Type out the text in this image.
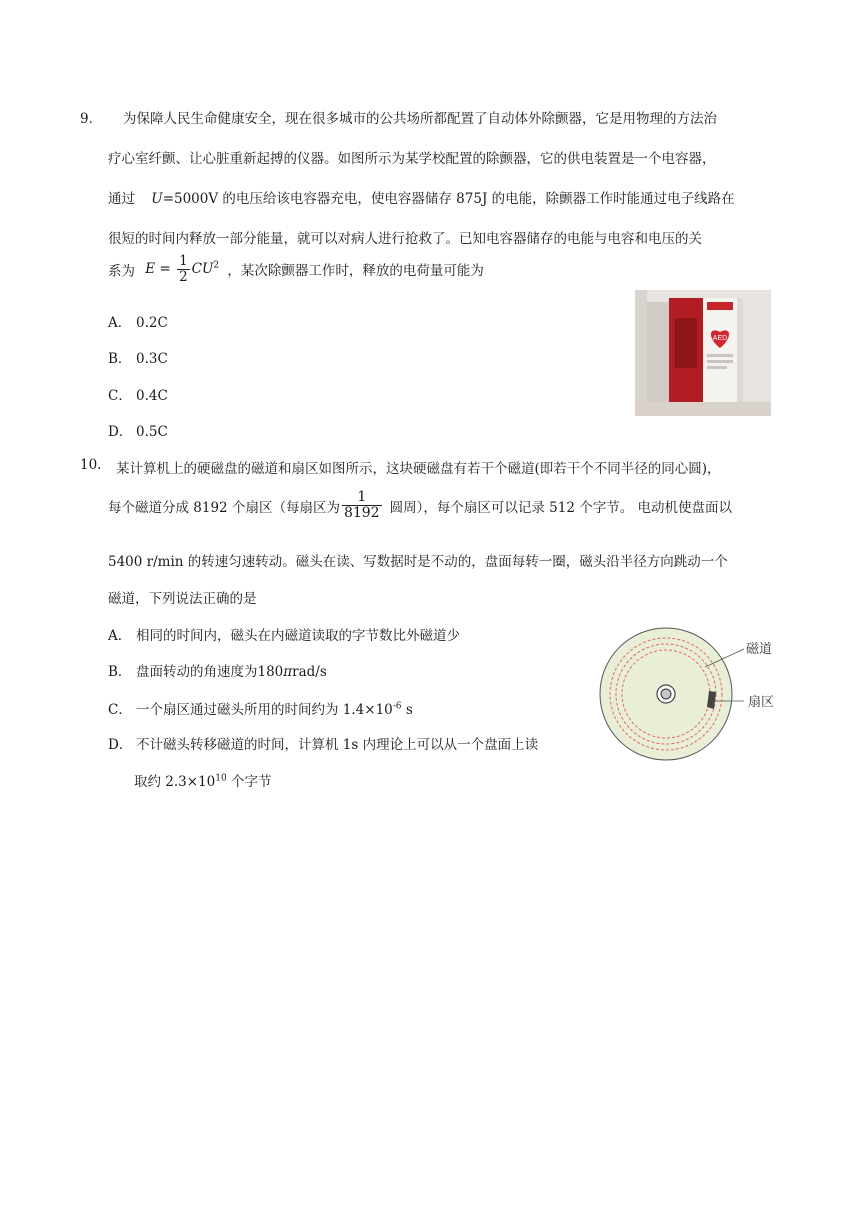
9． 为保障人民生命健康安全，现在很多城市的公共场所都配置了自动体外除颤器，它是用物理的方法治
疗心室纤颤、让心脏重新起搏的仪器。如图所示为某学校配置的除颤器，它的供电装置是一个电容器，
通过 U=5000V 的电压给该电容器充电，使电容器储存 875J 的电能，除颤器工作时能通过电子线路在
很短的时间内释放一部分能量，就可以对病人进行抢救了。已知电容器储存的电能与电容和电压的关
系为 $E = \frac{1}{2} CU^2$ ，某次除颤器工作时，释放的电荷量可能为
A． 0.2C
B． 0.3C
C． 0.4C
D． 0.5C
AED
10. 某计算机上的硬磁盘的磁道和扇区如图所示，这块硬磁盘有若干个磁道(即若干个不同半径的同心圆)，
每个磁道分成 8192 个扇区（每扇区为 $\frac{1}{8192}$ 圆周），每个扇区可以记录 512 个字节。 电动机使盘面以
5400 r/min 的转速匀速转动。磁头在读、写数据时是不动的，盘面每转一圈，磁头沿半径方向跳动一个
磁道，下列说法正确的是
A． 相同的时间内，磁头在内磁道读取的字节数比外磁道少
B． 盘面转动的角速度为180πrad/s
C． 一个扇区通过磁头所用的时间约为 $1.4\times 10^{-6}$ s
D． 不计磁头转移磁道的时间，计算机 1s 内理论上可以从一个盘面上读
取约 $2.3\times 10^{10}$ 个字节
磁道
扇区
